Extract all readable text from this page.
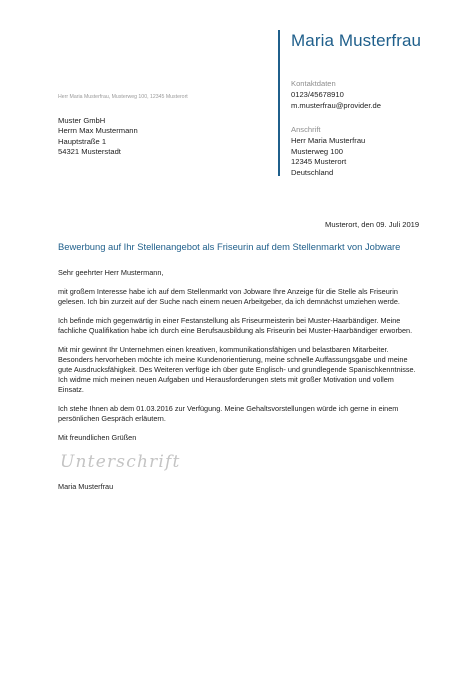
Maria Musterfrau
Kontaktdaten
0123/45678910
m.musterfrau@provider.de
Anschrift
Herr Maria Musterfrau
Musterweg 100
12345 Musterort
Deutschland
Herr Maria Musterfrau, Musterweg 100, 12345 Musterort
Muster GmbH
Herrn Max Mustermann
Hauptstraße 1
54321 Musterstadt
Musterort, den 09. Juli 2019
Bewerbung auf Ihr Stellenangebot als Friseurin auf dem Stellenmarkt von Jobware

Sehr geehrter Herr Mustermann,

mit großem Interesse habe ich auf dem Stellenmarkt von Jobware Ihre Anzeige für die Stelle als Friseurin
gelesen. Ich bin zurzeit auf der Suche nach einem neuen Arbeitgeber, da ich demnächst umziehen werde.

Ich befinde mich gegenwärtig in einer Festanstellung als Friseurmeisterin bei Muster-Haarbändiger. Meine
fachliche Qualifikation habe ich durch eine Berufsausbildung als Friseurin bei Muster-Haarbändiger erworben.

Mit mir gewinnt Ihr Unternehmen einen kreativen, kommunikationsfähigen und belastbaren Mitarbeiter.
Besonders hervorheben möchte ich meine Kundenorientierung, meine schnelle Auffassungsgabe und meine
gute Ausdrucksfähigkeit. Des Weiteren verfüge ich über gute Englisch- und grundlegende Spanischkenntnisse.
Ich widme mich meinen neuen Aufgaben und Herausforderungen stets mit großer Motivation und vollem
Einsatz.

Ich stehe Ihnen ab dem 01.03.2016 zur Verfügung. Meine Gehaltsvorstellungen würde ich gerne in einem
persönlichen Gespräch erläutern.

Mit freundlichen Grüßen

Unterschrift
Maria Musterfrau
